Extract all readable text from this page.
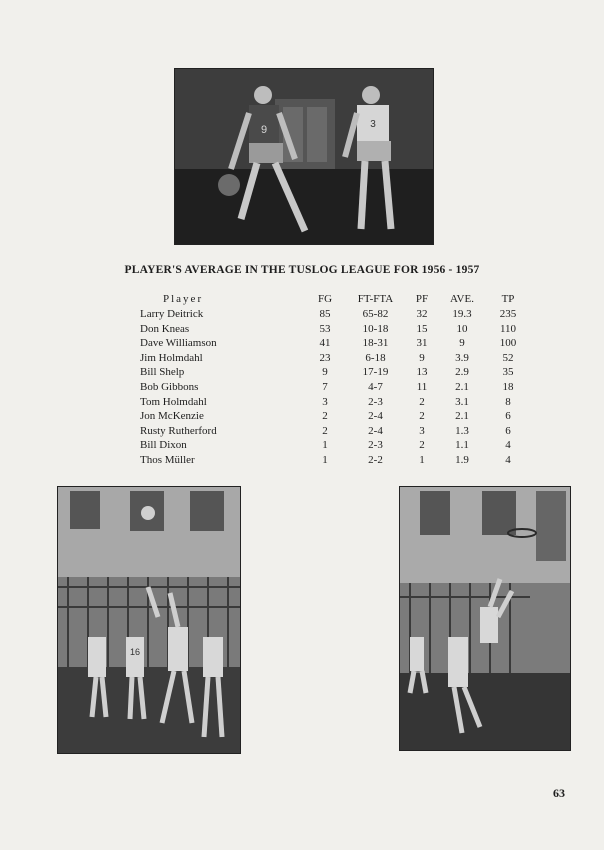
9	3
PLAYER'S AVERAGE IN THE TUSLOG LEAGUE FOR 1956 - 1957
Player	FG	FT-FTA	PF	AVE.	TP
Larry Deitrick	85	65-82	32	19.3	235
Don Kneas	53	10-18	15	10	110
Dave Williamson	41	18-31	31	9	100
Jim Holmdahl	23	6-18	9	3.9	52
Bill Shelp	9	17-19	13	2.9	35
Bob Gibbons	7	4-7	11	2.1	18
Tom Holmdahl	3	2-3	2	3.1	8
Jon McKenzie	2	2-4	2	2.1	6
Rusty Rutherford	2	2-4	3	1.3	6
Bill Dixon	1	2-3	2	1.1	4
Thos Müller	1	2-2	1	1.9	4
16
63
